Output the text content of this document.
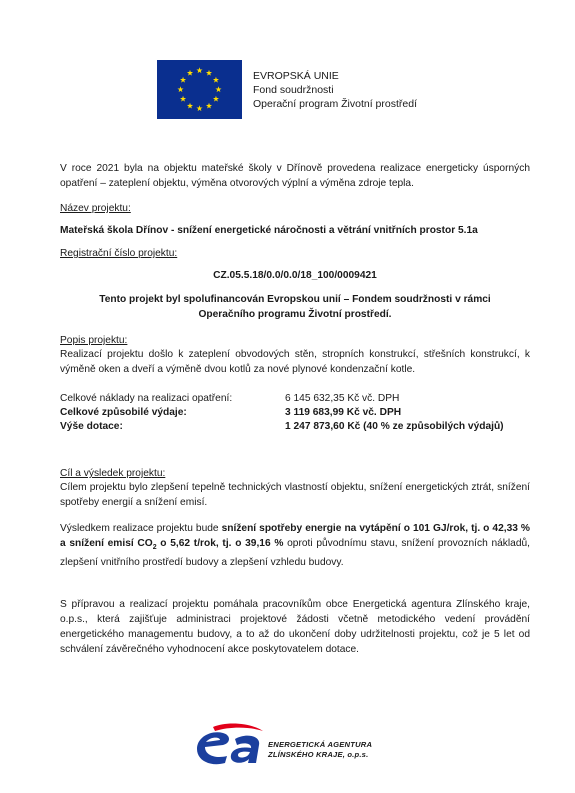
EVROPSKÁ UNIE
Fond soudržnosti
Operační program Životní prostředí
V roce 2021 byla na objektu mateřské školy v Dřínově provedena realizace energeticky úsporných opatření – zateplení objektu, výměna otvorových výplní a výměna zdroje tepla.
Název projektu:
Mateřská škola Dřínov - snížení energetické náročnosti a větrání vnitřních prostor 5.1a
Registrační číslo projektu:
CZ.05.5.18/0.0/0.0/18_100/0009421
Tento projekt byl spolufinancován Evropskou unií – Fondem soudržnosti v rámci Operačního programu Životní prostředí.
Popis projektu:
Realizací projektu došlo k zateplení obvodových stěn, stropních konstrukcí, střešních konstrukcí, k výměně oken a dveří a výměně dvou kotlů za nové plynové kondenzační kotle.
Celkové náklady na realizaci opatření:	6 145 632,35 Kč vč. DPH
Celkové způsobilé výdaje:	3 119 683,99 Kč vč. DPH
Výše dotace:	1 247 873,60 Kč (40 % ze způsobilých výdajů)
Cíl a výsledek projektu:
Cílem projektu bylo zlepšení tepelně technických vlastností objektu, snížení energetických ztrát, snížení spotřeby energií a snížení emisí.
Výsledkem realizace projektu bude snížení spotřeby energie na vytápění o 101 GJ/rok, tj. o 42,33 % a snížení emisí $CO_2$ o 5,62 t/rok, tj. o 39,16 % oproti původnímu stavu, snížení provozních nákladů, zlepšení vnitřního prostředí budovy a zlepšení vzhledu budovy.
S přípravou a realizací projektu pomáhala pracovníkům obce Energetická agentura Zlínského kraje, o.p.s., která zajišťuje administraci projektové žádosti včetně metodického vedení provádění energetického managementu budovy, a to až do ukončení doby udržitelnosti projektu, což je 5 let od schválení závěrečného vyhodnocení akce poskytovatelem dotace.
ENERGETICKÁ AGENTURA
ZLÍNSKÉHO KRAJE, o.p.s.
